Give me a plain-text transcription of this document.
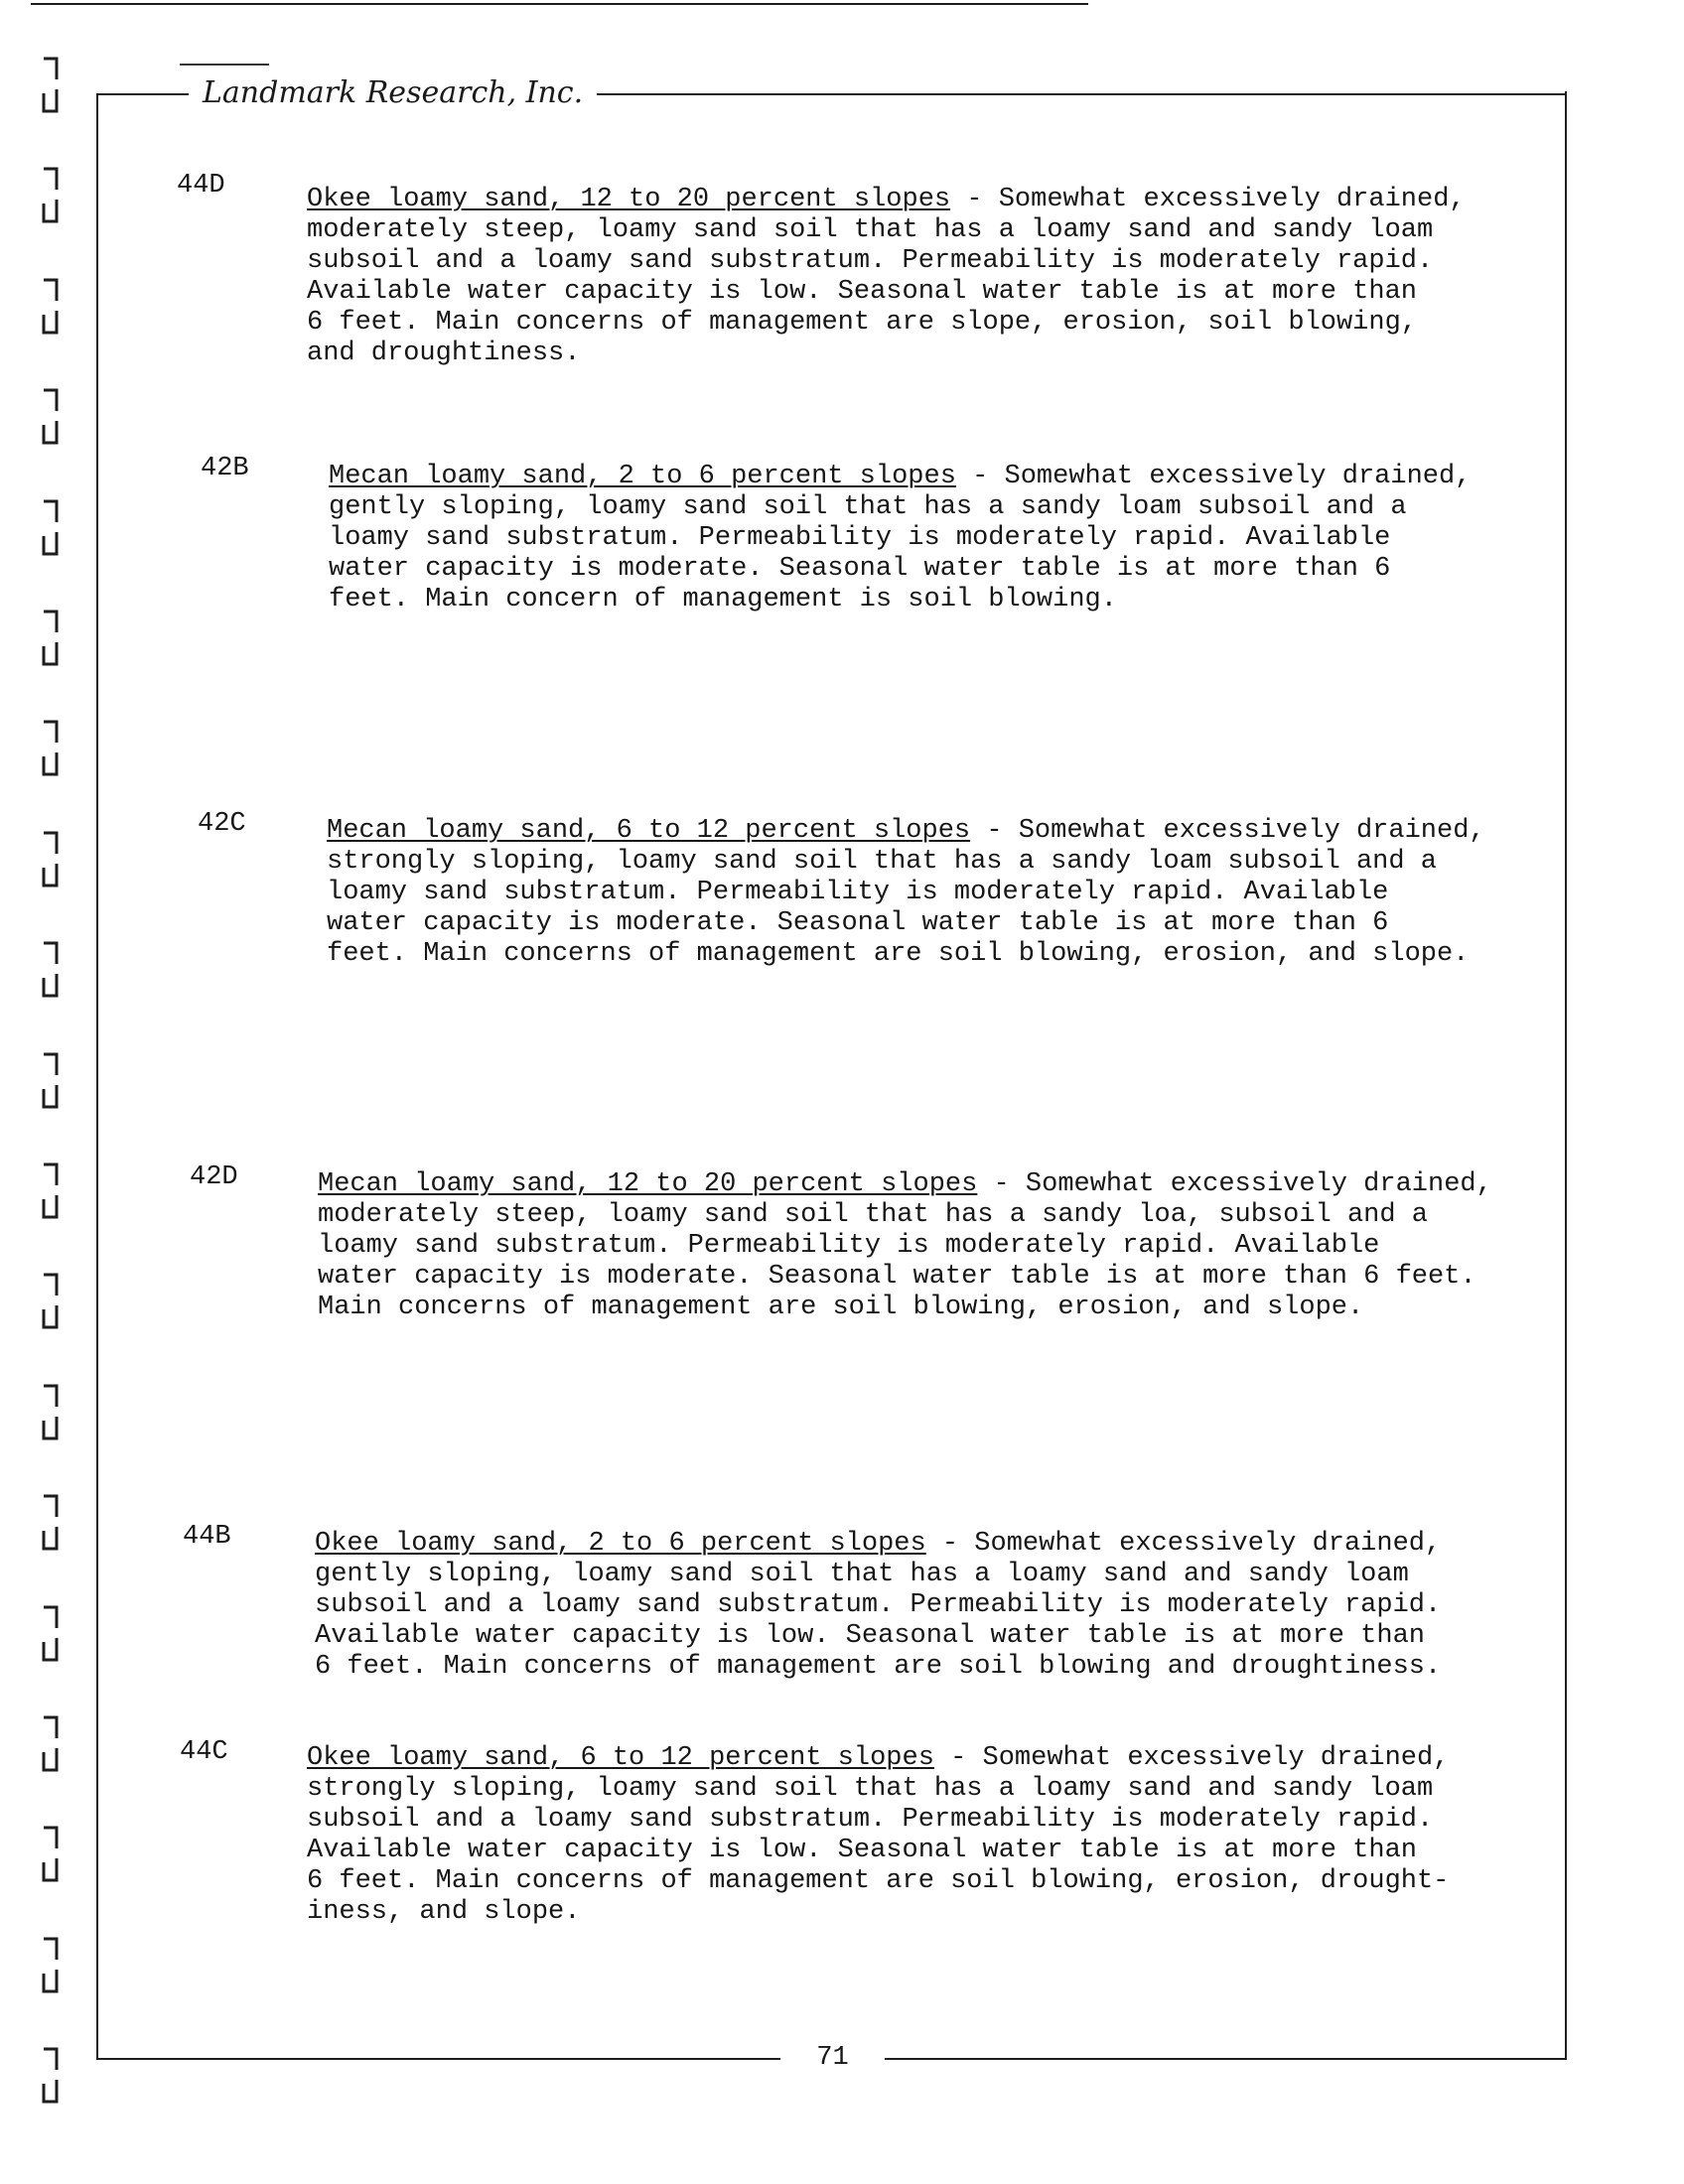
Landmark Research, Inc.
44D	Okee loamy sand, 12 to 20 percent slopes - Somewhat excessively drained,
moderately steep, loamy sand soil that has a loamy sand and sandy loam
subsoil and a loamy sand substratum. Permeability is moderately rapid.
Available water capacity is low. Seasonal water table is at more than
6 feet. Main concerns of management are slope, erosion, soil blowing,
and droughtiness.
42B	Mecan loamy sand, 2 to 6 percent slopes - Somewhat excessively drained,
gently sloping, loamy sand soil that has a sandy loam subsoil and a
loamy sand substratum. Permeability is moderately rapid. Available
water capacity is moderate. Seasonal water table is at more than 6
feet. Main concern of management is soil blowing.
42C	Mecan loamy sand, 6 to 12 percent slopes - Somewhat excessively drained,
strongly sloping, loamy sand soil that has a sandy loam subsoil and a
loamy sand substratum. Permeability is moderately rapid. Available
water capacity is moderate. Seasonal water table is at more than 6
feet. Main concerns of management are soil blowing, erosion, and slope.
42D	Mecan loamy sand, 12 to 20 percent slopes - Somewhat excessively drained,
moderately steep, loamy sand soil that has a sandy loa, subsoil and a
loamy sand substratum. Permeability is moderately rapid. Available
water capacity is moderate. Seasonal water table is at more than 6 feet.
Main concerns of management are soil blowing, erosion, and slope.
44B	Okee loamy sand, 2 to 6 percent slopes - Somewhat excessively drained,
gently sloping, loamy sand soil that has a loamy sand and sandy loam
subsoil and a loamy sand substratum. Permeability is moderately rapid.
Available water capacity is low. Seasonal water table is at more than
6 feet. Main concerns of management are soil blowing and droughtiness.
44C	Okee loamy sand, 6 to 12 percent slopes - Somewhat excessively drained,
strongly sloping, loamy sand soil that has a loamy sand and sandy loam
subsoil and a loamy sand substratum. Permeability is moderately rapid.
Available water capacity is low. Seasonal water table is at more than
6 feet. Main concerns of management are soil blowing, erosion, drought-
iness, and slope.
71
